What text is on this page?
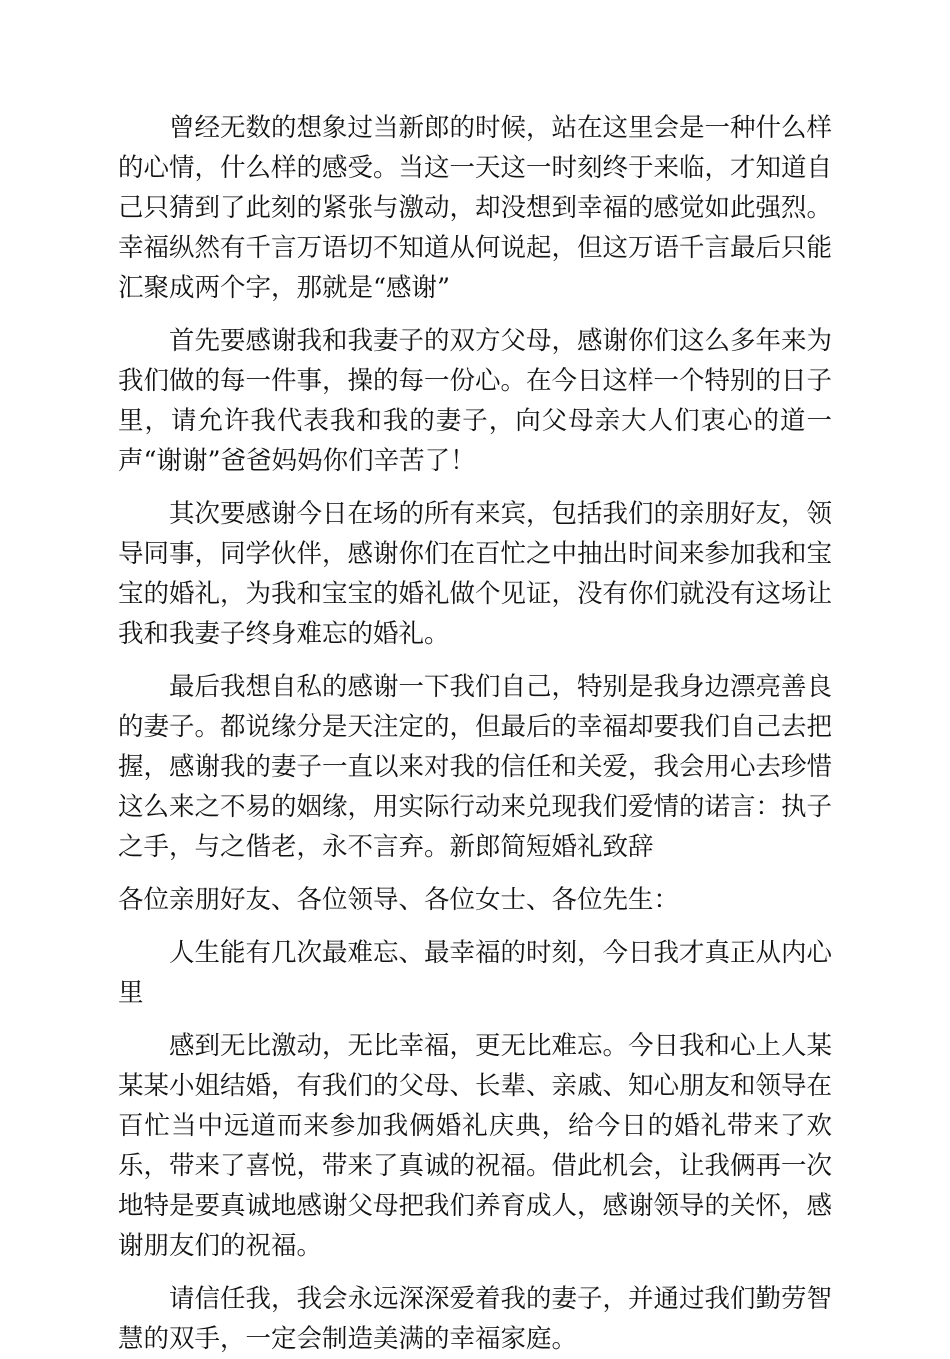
曾经无数的想象过当新郎的时候，站在这里会是一种什么样的心情，什么样的感受。当这一天这一时刻终于来临，才知道自己只猜到了此刻的紧张与激动，却没想到幸福的感觉如此强烈。幸福纵然有千言万语切不知道从何说起，但这万语千言最后只能汇聚成两个字，那就是“感谢”

首先要感谢我和我妻子的双方父母，感谢你们这么多年来为我们做的每一件事，操的每一份心。在今日这样一个特别的日子里，请允许我代表我和我的妻子，向父母亲大人们衷心的道一声“谢谢”爸爸妈妈你们辛苦了！

其次要感谢今日在场的所有来宾，包括我们的亲朋好友，领导同事，同学伙伴，感谢你们在百忙之中抽出时间来参加我和宝宝的婚礼，为我和宝宝的婚礼做个见证，没有你们就没有这场让我和我妻子终身难忘的婚礼。

最后我想自私的感谢一下我们自己，特别是我身边漂亮善良的妻子。都说缘分是天注定的，但最后的幸福却要我们自己去把握，感谢我的妻子一直以来对我的信任和关爱，我会用心去珍惜这么来之不易的姻缘，用实际行动来兑现我们爱情的诺言：执子之手，与之偕老，永不言弃。新郎简短婚礼致辞

各位亲朋好友、各位领导、各位女士、各位先生：

人生能有几次最难忘、最幸福的时刻，今日我才真正从内心里

感到无比激动，无比幸福，更无比难忘。今日我和心上人某某某小姐结婚，有我们的父母、长辈、亲戚、知心朋友和领导在百忙当中远道而来参加我俩婚礼庆典，给今日的婚礼带来了欢乐，带来了喜悦，带来了真诚的祝福。借此机会，让我俩再一次地特是要真诚地感谢父母把我们养育成人，感谢领导的关怀，感谢朋友们的祝福。

请信任我，我会永远深深爱着我的妻子，并通过我们勤劳智慧的双手，一定会制造美满的幸福家庭。
